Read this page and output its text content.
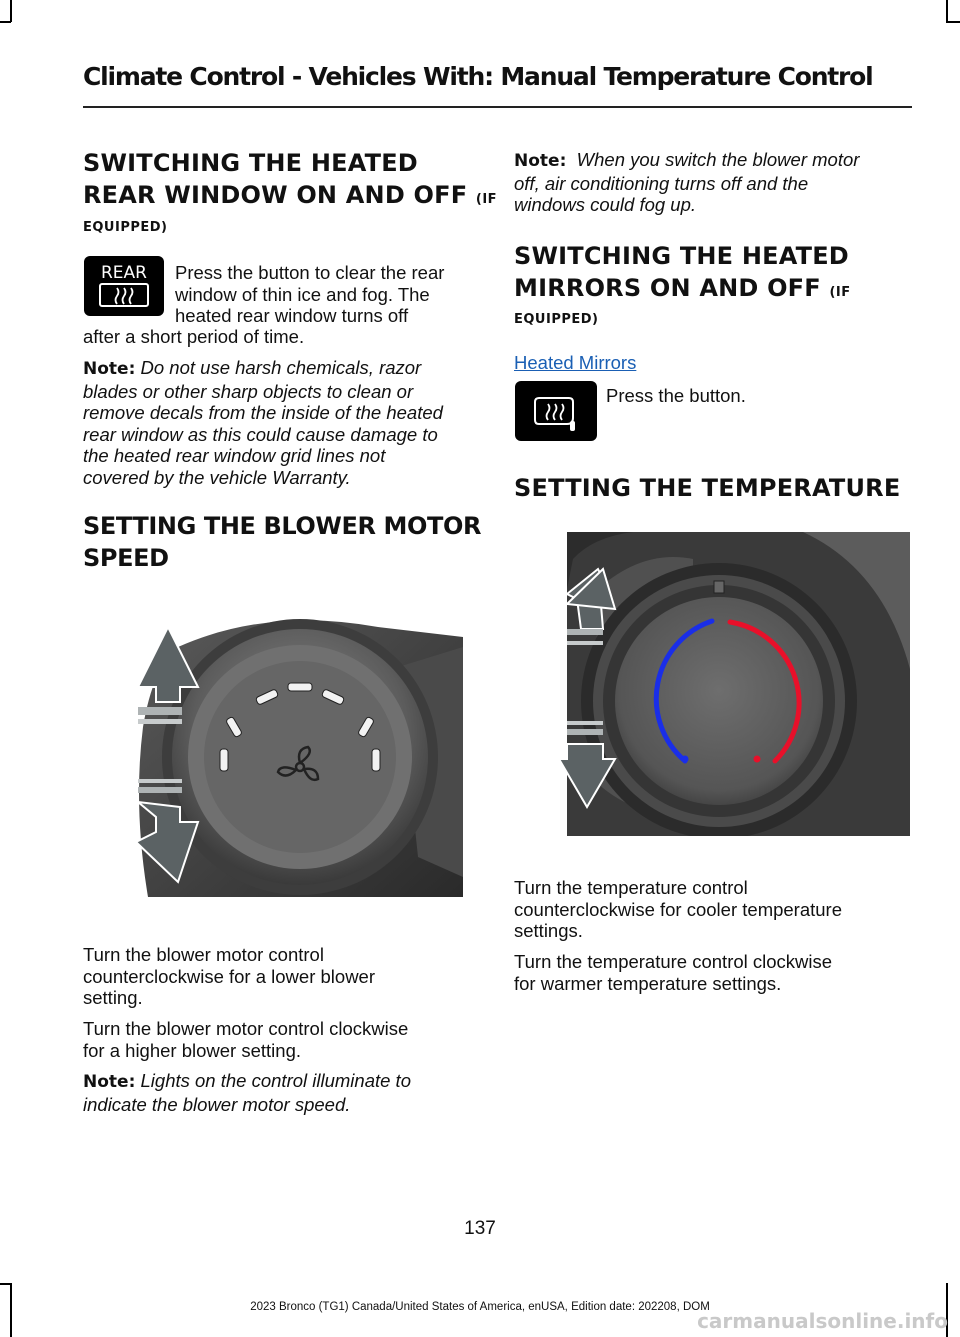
Climate Control - Vehicles With: Manual Temperature Control
SWITCHING THE HEATED
REAR WINDOW ON AND OFF (IF
EQUIPPED)
REAR Press the button to clear the rear
window of thin ice and fog. The
heated rear window turns off
after a short period of time.
Note: Do not use harsh chemicals, razor
blades or other sharp objects to clean or
remove decals from the inside of the heated
rear window as this could cause damage to
the heated rear window grid lines not
covered by the vehicle Warranty.
SETTING THE BLOWER MOTOR
SPEED
Turn the blower motor control
counterclockwise for a lower blower
setting.
Turn the blower motor control clockwise
for a higher blower setting.
Note: Lights on the control illuminate to
indicate the blower motor speed.
Note: When you switch the blower motor
off, air conditioning turns off and the
windows could fog up.
SWITCHING THE HEATED
MIRRORS ON AND OFF (IF
EQUIPPED)
Heated Mirrors
Press the button.
SETTING THE TEMPERATURE
Turn the temperature control
counterclockwise for cooler temperature
settings.
Turn the temperature control clockwise
for warmer temperature settings.
137
2023 Bronco (TG1) Canada/United States of America, enUSA, Edition date: 202208, DOM
carmanualsonline.info
